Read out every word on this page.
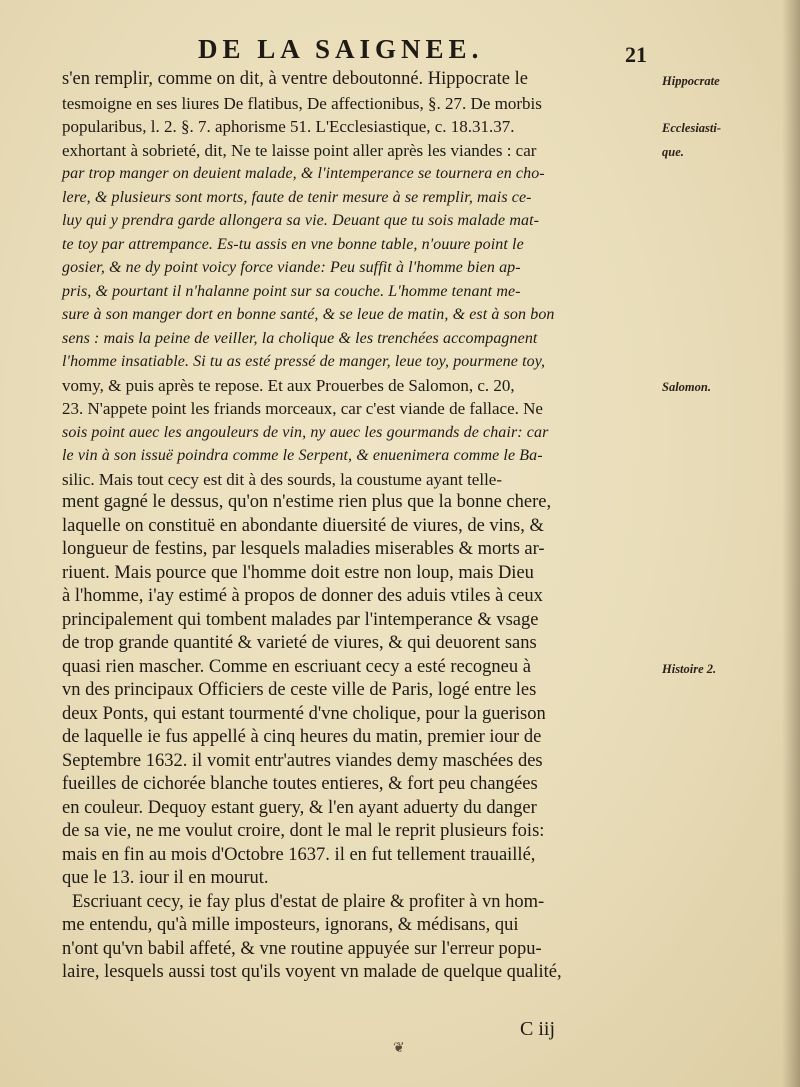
DE LA SAIGNEE.	21
s'en remplir, comme on dit, à ventre deboutonné. Hippocrate le
tesmoigne en ses liures De flatibus, De affectionibus, §. 27. De morbis
popularibus, l. 2. §. 7. aphorisme 51. L'Ecclesiastique, c. 18.31.37.
exhortant à sobrieté, dit, Ne te laisse point aller après les viandes : car
par trop manger on deuient malade, & l'intemperance se tournera en cho-
lere, & plusieurs sont morts, faute de tenir mesure à se remplir, mais ce-
luy qui y prendra garde allongera sa vie. Deuant que tu sois malade mat-
te toy par attrempance. Es-tu assis en vne bonne table, n'ouure point le
gosier, & ne dy point voicy force viande: Peu suffit à l'homme bien ap-
pris, & pourtant il n'halanne point sur sa couche. L'homme tenant me-
sure à son manger dort en bonne santé, & se leue de matin, & est à son bon
sens : mais la peine de veiller, la cholique & les trenchées accompagnent
l'homme insatiable. Si tu as esté pressé de manger, leue toy, pourmene toy,
vomy, & puis après te repose. Et aux Prouerbes de Salomon, c. 20,
23. N'appete point les friands morceaux, car c'est viande de fallace. Ne
sois point auec les angouleurs de vin, ny auec les gourmands de chair: car
le vin à son issuë poindra comme le Serpent, & enuenimera comme le Ba-
silic. Mais tout cecy est dit à des sourds, la coustume ayant telle-
ment gagné le dessus, qu'on n'estime rien plus que la bonne chere,
laquelle on constituë en abondante diuersité de viures, de vins, &
longueur de festins, par lesquels maladies miserables & morts ar-
riuent. Mais pource que l'homme doit estre non loup, mais Dieu
à l'homme, i'ay estimé à propos de donner des aduis vtiles à ceux
principalement qui tombent malades par l'intemperance & vsage
de trop grande quantité & varieté de viures, & qui deuorent sans
quasi rien mascher. Comme en escriuant cecy a esté recogneu à
vn des principaux Officiers de ceste ville de Paris, logé entre les
deux Ponts, qui estant tourmenté d'vne cholique, pour la guerison
de laquelle ie fus appellé à cinq heures du matin, premier iour de
Septembre 1632. il vomit entr'autres viandes demy maschées des
fueilles de cichorée blanche toutes entieres, & fort peu changées
en couleur. Dequoy estant guery, & l'en ayant aduerty du danger
de sa vie, ne me voulut croire, dont le mal le reprit plusieurs fois:
mais en fin au mois d'Octobre 1637. il en fut tellement trauaillé,
que le 13. iour il en mourut.
Escriuant cecy, ie fay plus d'estat de plaire & profiter à vn hom-
me entendu, qu'à mille imposteurs, ignorans, & médisans, qui
n'ont qu'vn babil affeté, & vne routine appuyée sur l'erreur popu-
laire, lesquels aussi tost qu'ils voyent vn malade de quelque qualité,
Hippocrate
Ecclesiasti-
que.
Salomon.
Histoire 2.
C iij
❦
